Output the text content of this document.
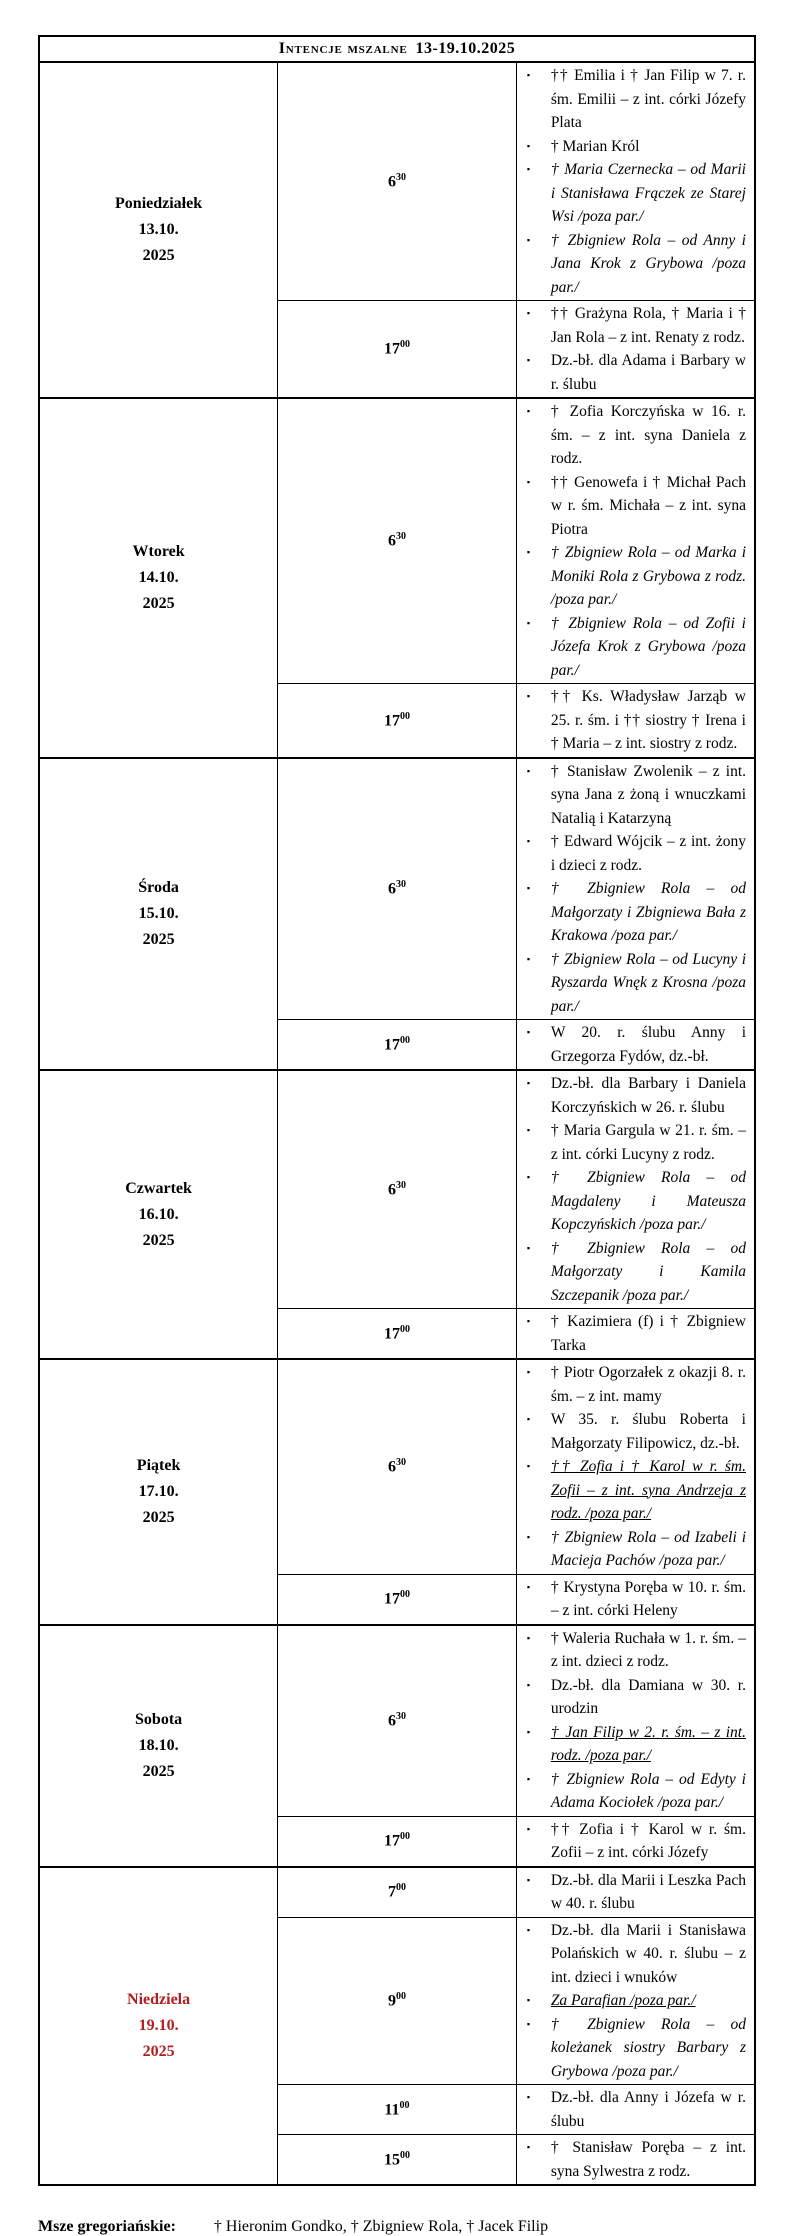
Intencje mszalne 13-19.10.2025		

Poniedziałek
13.10.
2025
	$6^{30}$	
▪
†† Emilia i † Jan Filip w 7. r. śm. Emilii – z int. córki Józefy Plata
▪
† Marian Król
▪
† Maria Czernecka – od Marii i Stanisława Frączek ze Starej Wsi /poza par./
▪
† Zbigniew Rola – od Anny i Jana Krok z Grybowa /poza par./

	$17^{00}$	
▪
†† Grażyna Rola, † Maria i † Jan Rola – z int. Renaty z rodz.
▪
Dz.-bł. dla Adama i Barbary w r. ślubu

Wtorek
14.10.
2025
	$6^{30}$	
▪
† Zofia Korczyńska w 16. r. śm. – z int. syna Daniela z rodz.
▪
†† Genowefa i † Michał Pach w r. śm. Michała – z int. syna Piotra
▪
† Zbigniew Rola – od Marka i Moniki Rola z Grybowa z rodz. /poza par./
▪
† Zbigniew Rola – od Zofii i Józefa Krok z Grybowa /poza par./

	$17^{00}$	
▪
†† Ks. Władysław Jarząb w 25. r. śm. i †† siostry † Irena i † Maria – z int. siostry z rodz.

Środa
15.10.
2025
	$6^{30}$	
▪
† Stanisław Zwolenik – z int. syna Jana z żoną i wnuczkami Natalią i Katarzyną
▪
† Edward Wójcik – z int. żony i dzieci z rodz.
▪
† Zbigniew Rola – od Małgorzaty i Zbigniewa Bała z Krakowa /poza par./
▪
† Zbigniew Rola – od Lucyny i Ryszarda Wnęk z Krosna /poza par./

	$17^{00}$	
▪W 20. r. ślubu Anny i Grzegorza Fydów, dz.-bł.

Czwartek
16.10.
2025
	$6^{30}$	
▪
Dz.-bł. dla Barbary i Daniela Korczyńskich w 26. r. ślubu
▪
† Maria Gargula w 21. r. śm. – z int. córki Lucyny z rodz.
▪
† Zbigniew Rola – od Magdaleny i Mateusza Kopczyńskich /poza par./
▪
† Zbigniew Rola – od Małgorzaty i Kamila Szczepanik /poza par./

	$17^{00}$	
▪† Kazimiera (f) i † Zbigniew Tarka

Piątek
17.10.
2025
	$6^{30}$	
▪
† Piotr Ogorzałek z okazji 8. r. śm. – z int. mamy
▪
W 35. r. ślubu Roberta i Małgorzaty Filipowicz, dz.-bł.
▪
†† Zofia i † Karol w r. śm. Zofii – z int. syna Andrzeja z rodz. /poza par./
▪
† Zbigniew Rola – od Izabeli i Macieja Pachów /poza par./

	$17^{00}$	
▪† Krystyna Poręba w 10. r. śm. – z int. córki Heleny

Sobota
18.10.
2025
	$6^{30}$	
▪
† Waleria Ruchała w 1. r. śm. – z int. dzieci z rodz.
▪
Dz.-bł. dla Damiana w 30. r. urodzin
▪
† Jan Filip w 2. r. śm. – z int. rodz. /poza par./
▪
† Zbigniew Rola – od Edyty i Adama Kociołek /poza par./

	$17^{00}$	
▪†† Zofia i † Karol w r. śm. Zofii – z int. córki Józefy

Niedziela
19.10.
2025	$7^{00}$	
▪Dz.-bł. dla Marii i Leszka Pach w 40. r. ślubu

	$9^{00}$	
▪
Dz.-bł. dla Marii i Stanisława Polańskich w 40. r. ślubu – z int. dzieci i wnuków
▪
Za Parafian /poza par./
▪
† Zbigniew Rola – od koleżanek siostry Barbary z Grybowa /poza par./

	$11^{00}$	
▪Dz.-bł. dla Anny i Józefa w r. ślubu

	$15^{00}$	
▪† Stanisław Poręba – z int. syna Sylwestra z rodz.
Msze gregoriańskie: † Hieronim Gondko, † Zbigniew Rola, † Jacek Filip
